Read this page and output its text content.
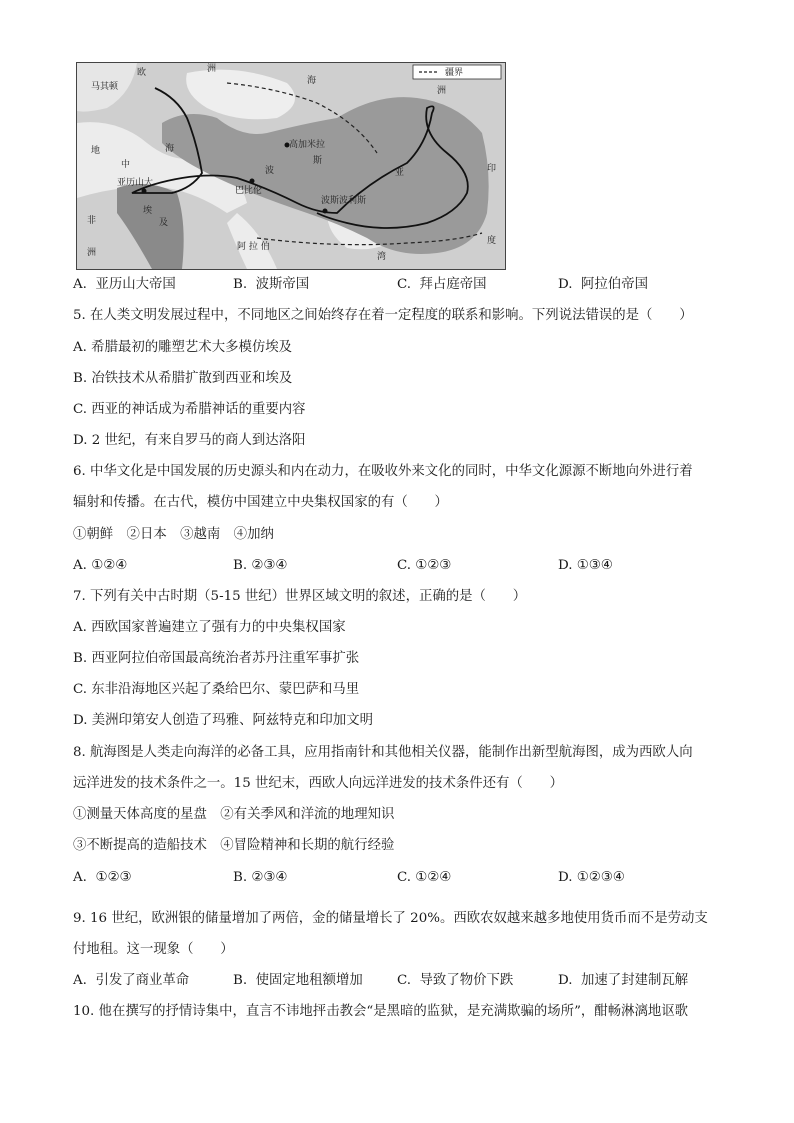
疆界
欧	洲
马其顿
地
中
海
埃
及
非
洲
亚历山大
巴比伦
波
斯
波斯波利斯
高加米拉
阿 拉 伯
亚	印
度
洲
海
湾
A. 亚历山大帝国	B. 波斯帝国	C. 拜占庭帝国	D. 阿拉伯帝国
5. 在人类文明发展过程中，不同地区之间始终存在着一定程度的联系和影响。下列说法错误的是（　　）
A. 希腊最初的雕塑艺术大多模仿埃及
B. 冶铁技术从希腊扩散到西亚和埃及
C. 西亚的神话成为希腊神话的重要内容
D. 2 世纪，有来自罗马的商人到达洛阳
6. 中华文化是中国发展的历史源头和内在动力，在吸收外来文化的同时，中华文化源源不断地向外进行着
辐射和传播。在古代，模仿中国建立中央集权国家的有（　　）
①朝鲜　②日本　③越南　④加纳
A. ①②④	B. ②③④	C. ①②③	D. ①③④
7. 下列有关中古时期（5-15 世纪）世界区域文明的叙述，正确的是（　　）
A. 西欧国家普遍建立了强有力的中央集权国家
B. 西亚阿拉伯帝国最高统治者苏丹注重军事扩张
C. 东非沿海地区兴起了桑给巴尔、蒙巴萨和马里
D. 美洲印第安人创造了玛雅、阿兹特克和印加文明
8. 航海图是人类走向海洋的必备工具，应用指南针和其他相关仪器，能制作出新型航海图，成为西欧人向
远洋进发的技术条件之一。15 世纪末，西欧人向远洋进发的技术条件还有（　　）
①测量天体高度的星盘　②有关季风和洋流的地理知识
③不断提高的造船技术　④冒险精神和长期的航行经验
A. ①②③	B. ②③④	C. ①②④	D. ①②③④
9. 16 世纪，欧洲银的储量增加了两倍，金的储量增长了 20%。西欧农奴越来越多地使用货币而不是劳动支
付地租。这一现象（　　）
A. 引发了商业革命	B. 使固定地租额增加	C. 导致了物价下跌	D. 加速了封建制瓦解
10. 他在撰写的抒情诗集中，直言不讳地抨击教会“是黑暗的监狱，是充满欺骗的场所”，酣畅淋漓地讴歌
